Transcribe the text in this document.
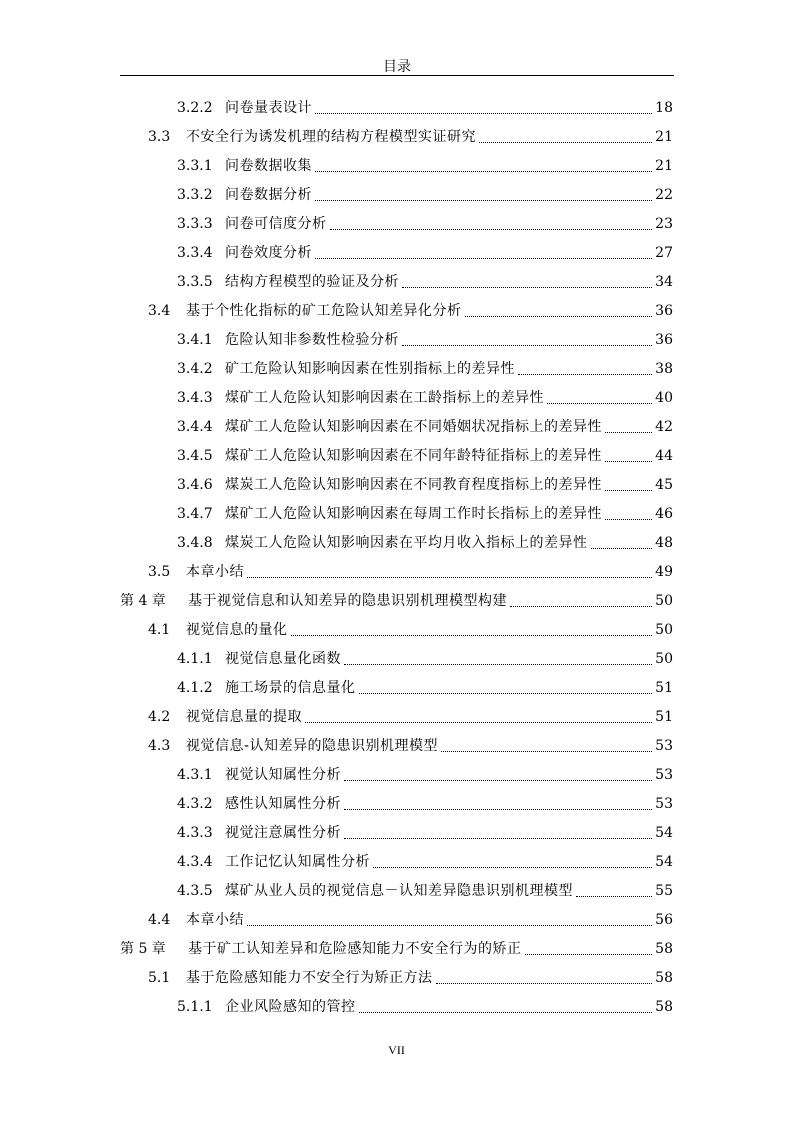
目录
3.2.2 问卷量表设计	18
3.3	不安全行为诱发机理的结构方程模型实证研究	21
3.3.1 问卷数据收集	21
3.3.2 问卷数据分析	22
3.3.3 问卷可信度分析	23
3.3.4 问卷效度分析	27
3.3.5 结构方程模型的验证及分析	34
3.4	基于个性化指标的矿工危险认知差异化分析	36
3.4.1 危险认知非参数性检验分析	36
3.4.2 矿工危险认知影响因素在性别指标上的差异性	38
3.4.3 煤矿工人危险认知影响因素在工龄指标上的差异性	40
3.4.4 煤矿工人危险认知影响因素在不同婚姻状况指标上的差异性	42
3.4.5 煤矿工人危险认知影响因素在不同年龄特征指标上的差异性	44
3.4.6 煤炭工人危险认知影响因素在不同教育程度指标上的差异性	45
3.4.7 煤矿工人危险认知影响因素在每周工作时长指标上的差异性	46
3.4.8 煤炭工人危险认知影响因素在平均月收入指标上的差异性	48
3.5	本章小结	49
第 4 章	基于视觉信息和认知差异的隐患识别机理模型构建	50
4.1	视觉信息的量化	50
4.1.1 视觉信息量化函数	50
4.1.2 施工场景的信息量化	51
4.2	视觉信息量的提取	51
4.3	视觉信息-认知差异的隐患识别机理模型	53
4.3.1 视觉认知属性分析	53
4.3.2 感性认知属性分析	53
4.3.3 视觉注意属性分析	54
4.3.4 工作记忆认知属性分析	54
4.3.5 煤矿从业人员的视觉信息－认知差异隐患识别机理模型	55
4.4	本章小结	56
第 5 章	基于矿工认知差异和危险感知能力不安全行为的矫正	58
5.1	基于危险感知能力不安全行为矫正方法	58
5.1.1 企业风险感知的管控	58
VII
